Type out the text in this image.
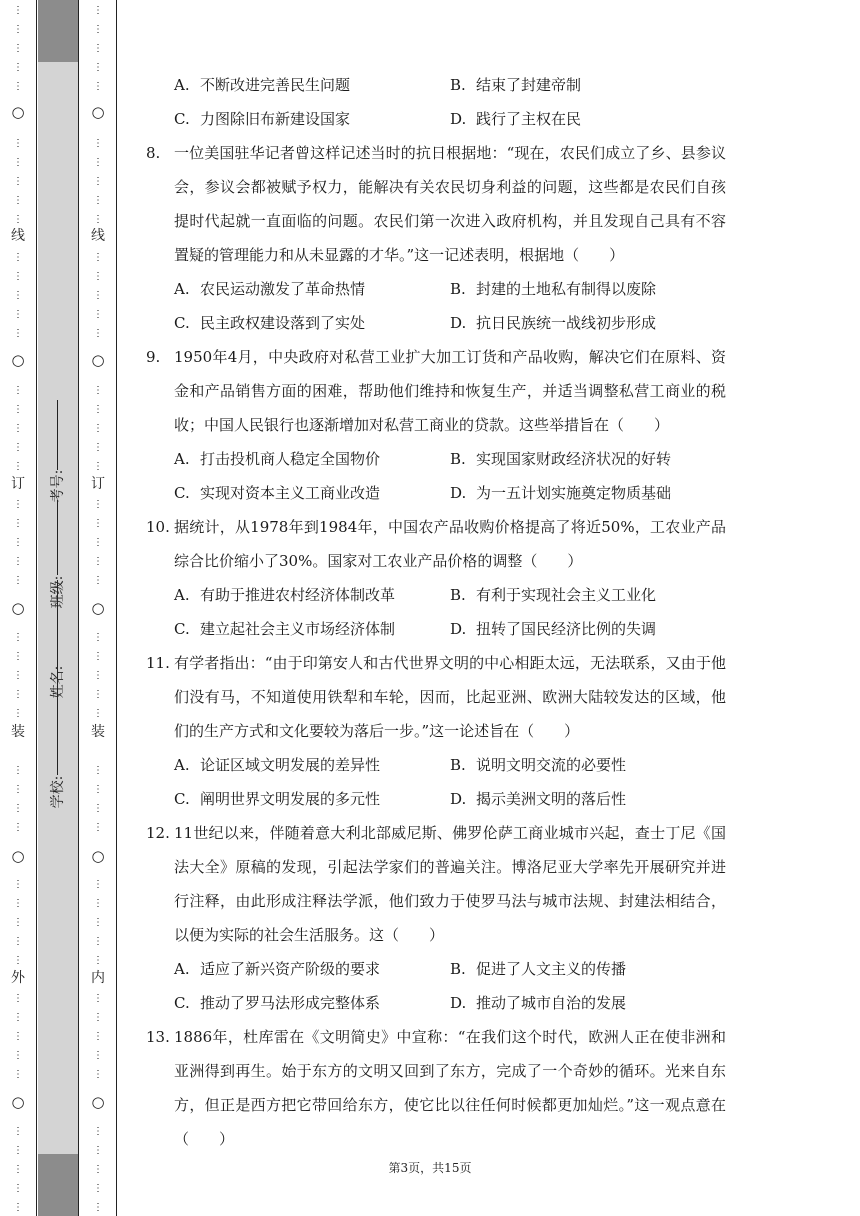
⋮
⋮
⋮
⋮
⋮
⋮
⋮
⋮
⋮
⋮
⋮
⋮
⋮
⋮
⋮
⋮
⋮
⋮
⋮
⋮
⋮
⋮
⋮
⋮
⋮
⋮
⋮
⋮
⋮
⋮
⋮
⋮
⋮
⋮
⋮
⋮
⋮
⋮
⋮
⋮
⋮
⋮
⋮
⋮
⋮
⋮
⋮
⋮
⋮
○
线
○
订
○
装
○
外
○
学校:
姓名:
班级:
考号:
⋮
⋮
⋮
⋮
⋮
⋮
⋮
⋮
⋮
⋮
⋮
⋮
⋮
⋮
⋮
⋮
⋮
⋮
⋮
⋮
⋮
⋮
⋮
⋮
⋮
⋮
⋮
⋮
⋮
⋮
⋮
⋮
⋮
⋮
⋮
⋮
⋮
⋮
⋮
⋮
⋮
⋮
⋮
⋮
⋮
⋮
⋮
⋮
⋮
○
线
○
订
○
装
○
内
○
A. 不断改进完善民生问题	B. 结束了封建帝制
C. 力图除旧布新建设国家	D. 践行了主权在民
8. 一位美国驻华记者曾这样记述当时的抗日根据地：“现在，农民们成立了乡、县参议会，参议会都被赋予权力，能解决有关农民切身利益的问题，这些都是农民们自孩提时代起就一直面临的问题。农民们第一次进入政府机构，并且发现自己具有不容置疑的管理能力和从未显露的才华。”这一记述表明，根据地（　　）
A. 农民运动激发了革命热情	B. 封建的土地私有制得以废除
C. 民主政权建设落到了实处	D. 抗日民族统一战线初步形成
9. 1950年4月，中央政府对私营工业扩大加工订货和产品收购，解决它们在原料、资金和产品销售方面的困难，帮助他们维持和恢复生产，并适当调整私营工商业的税收；中国人民银行也逐渐增加对私营工商业的贷款。这些举措旨在（　　）
A. 打击投机商人稳定全国物价	B. 实现国家财政经济状况的好转
C. 实现对资本主义工商业改造	D. 为一五计划实施奠定物质基础
10. 据统计，从1978年到1984年，中国农产品收购价格提高了将近50%，工农业产品综合比价缩小了30%。国家对工农业产品价格的调整（　　）
A. 有助于推进农村经济体制改革	B. 有利于实现社会主义工业化
C. 建立起社会主义市场经济体制	D. 扭转了国民经济比例的失调
11. 有学者指出：“由于印第安人和古代世界文明的中心相距太远，无法联系，又由于他们没有马，不知道使用铁犁和车轮，因而，比起亚洲、欧洲大陆较发达的区域，他们的生产方式和文化要较为落后一步。”这一论述旨在（　　）
A. 论证区域文明发展的差异性	B. 说明文明交流的必要性
C. 阐明世界文明发展的多元性	D. 揭示美洲文明的落后性
12. 11世纪以来，伴随着意大利北部威尼斯、佛罗伦萨工商业城市兴起，查士丁尼《国法大全》原稿的发现，引起法学家们的普遍关注。博洛尼亚大学率先开展研究并进行注释，由此形成注释法学派，他们致力于使罗马法与城市法规、封建法相结合，以便为实际的社会生活服务。这（　　）
A. 适应了新兴资产阶级的要求	B. 促进了人文主义的传播
C. 推动了罗马法形成完整体系	D. 推动了城市自治的发展
13. 1886年，杜库雷在《文明简史》中宣称：“在我们这个时代，欧洲人正在使非洲和亚洲得到再生。始于东方的文明又回到了东方，完成了一个奇妙的循环。光来自东方，但正是西方把它带回给东方，使它比以往任何时候都更加灿烂。”这一观点意在（　　）
第3页，共15页
